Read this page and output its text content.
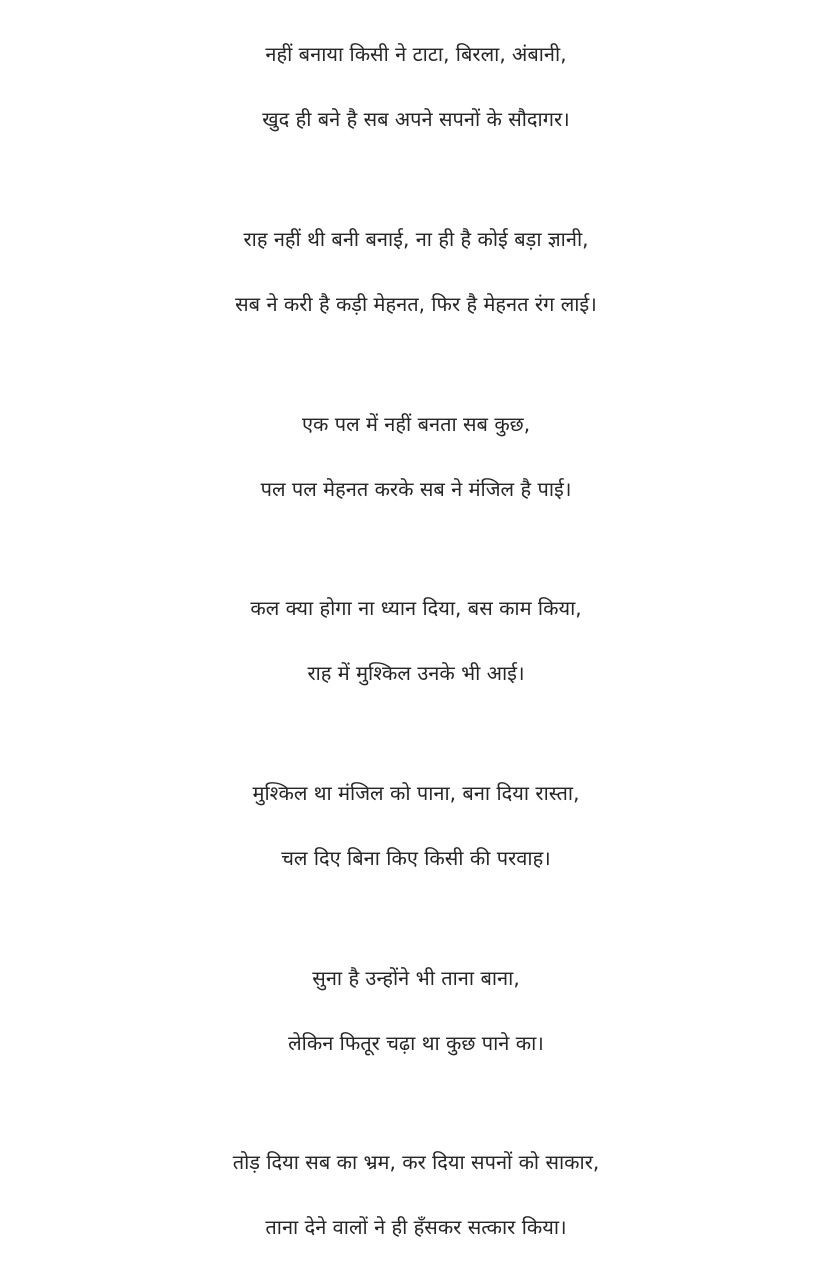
नहीं बनाया किसी ने टाटा, बिरला, अंबानी,
खुद ही बने है सब अपने सपनों के सौदागर।
राह नहीं थी बनी बनाई, ना ही है कोई बड़ा ज्ञानी,
सब ने करी है कड़ी मेहनत, फिर है मेहनत रंग लाई।
एक पल में नहीं बनता सब कुछ,
पल पल मेहनत करके सब ने मंजिल है पाई।
कल क्या होगा ना ध्यान दिया, बस काम किया,
राह में मुश्किल उनके भी आई।
मुश्किल था मंजिल को पाना, बना दिया रास्ता,
चल दिए बिना किए किसी की परवाह।
सुना है उन्होंने भी ताना बाना,
लेकिन फितूर चढ़ा था कुछ पाने का।
तोड़ दिया सब का भ्रम, कर दिया सपनों को साकार,
ताना देने वालों ने ही हँसकर सत्कार किया।
